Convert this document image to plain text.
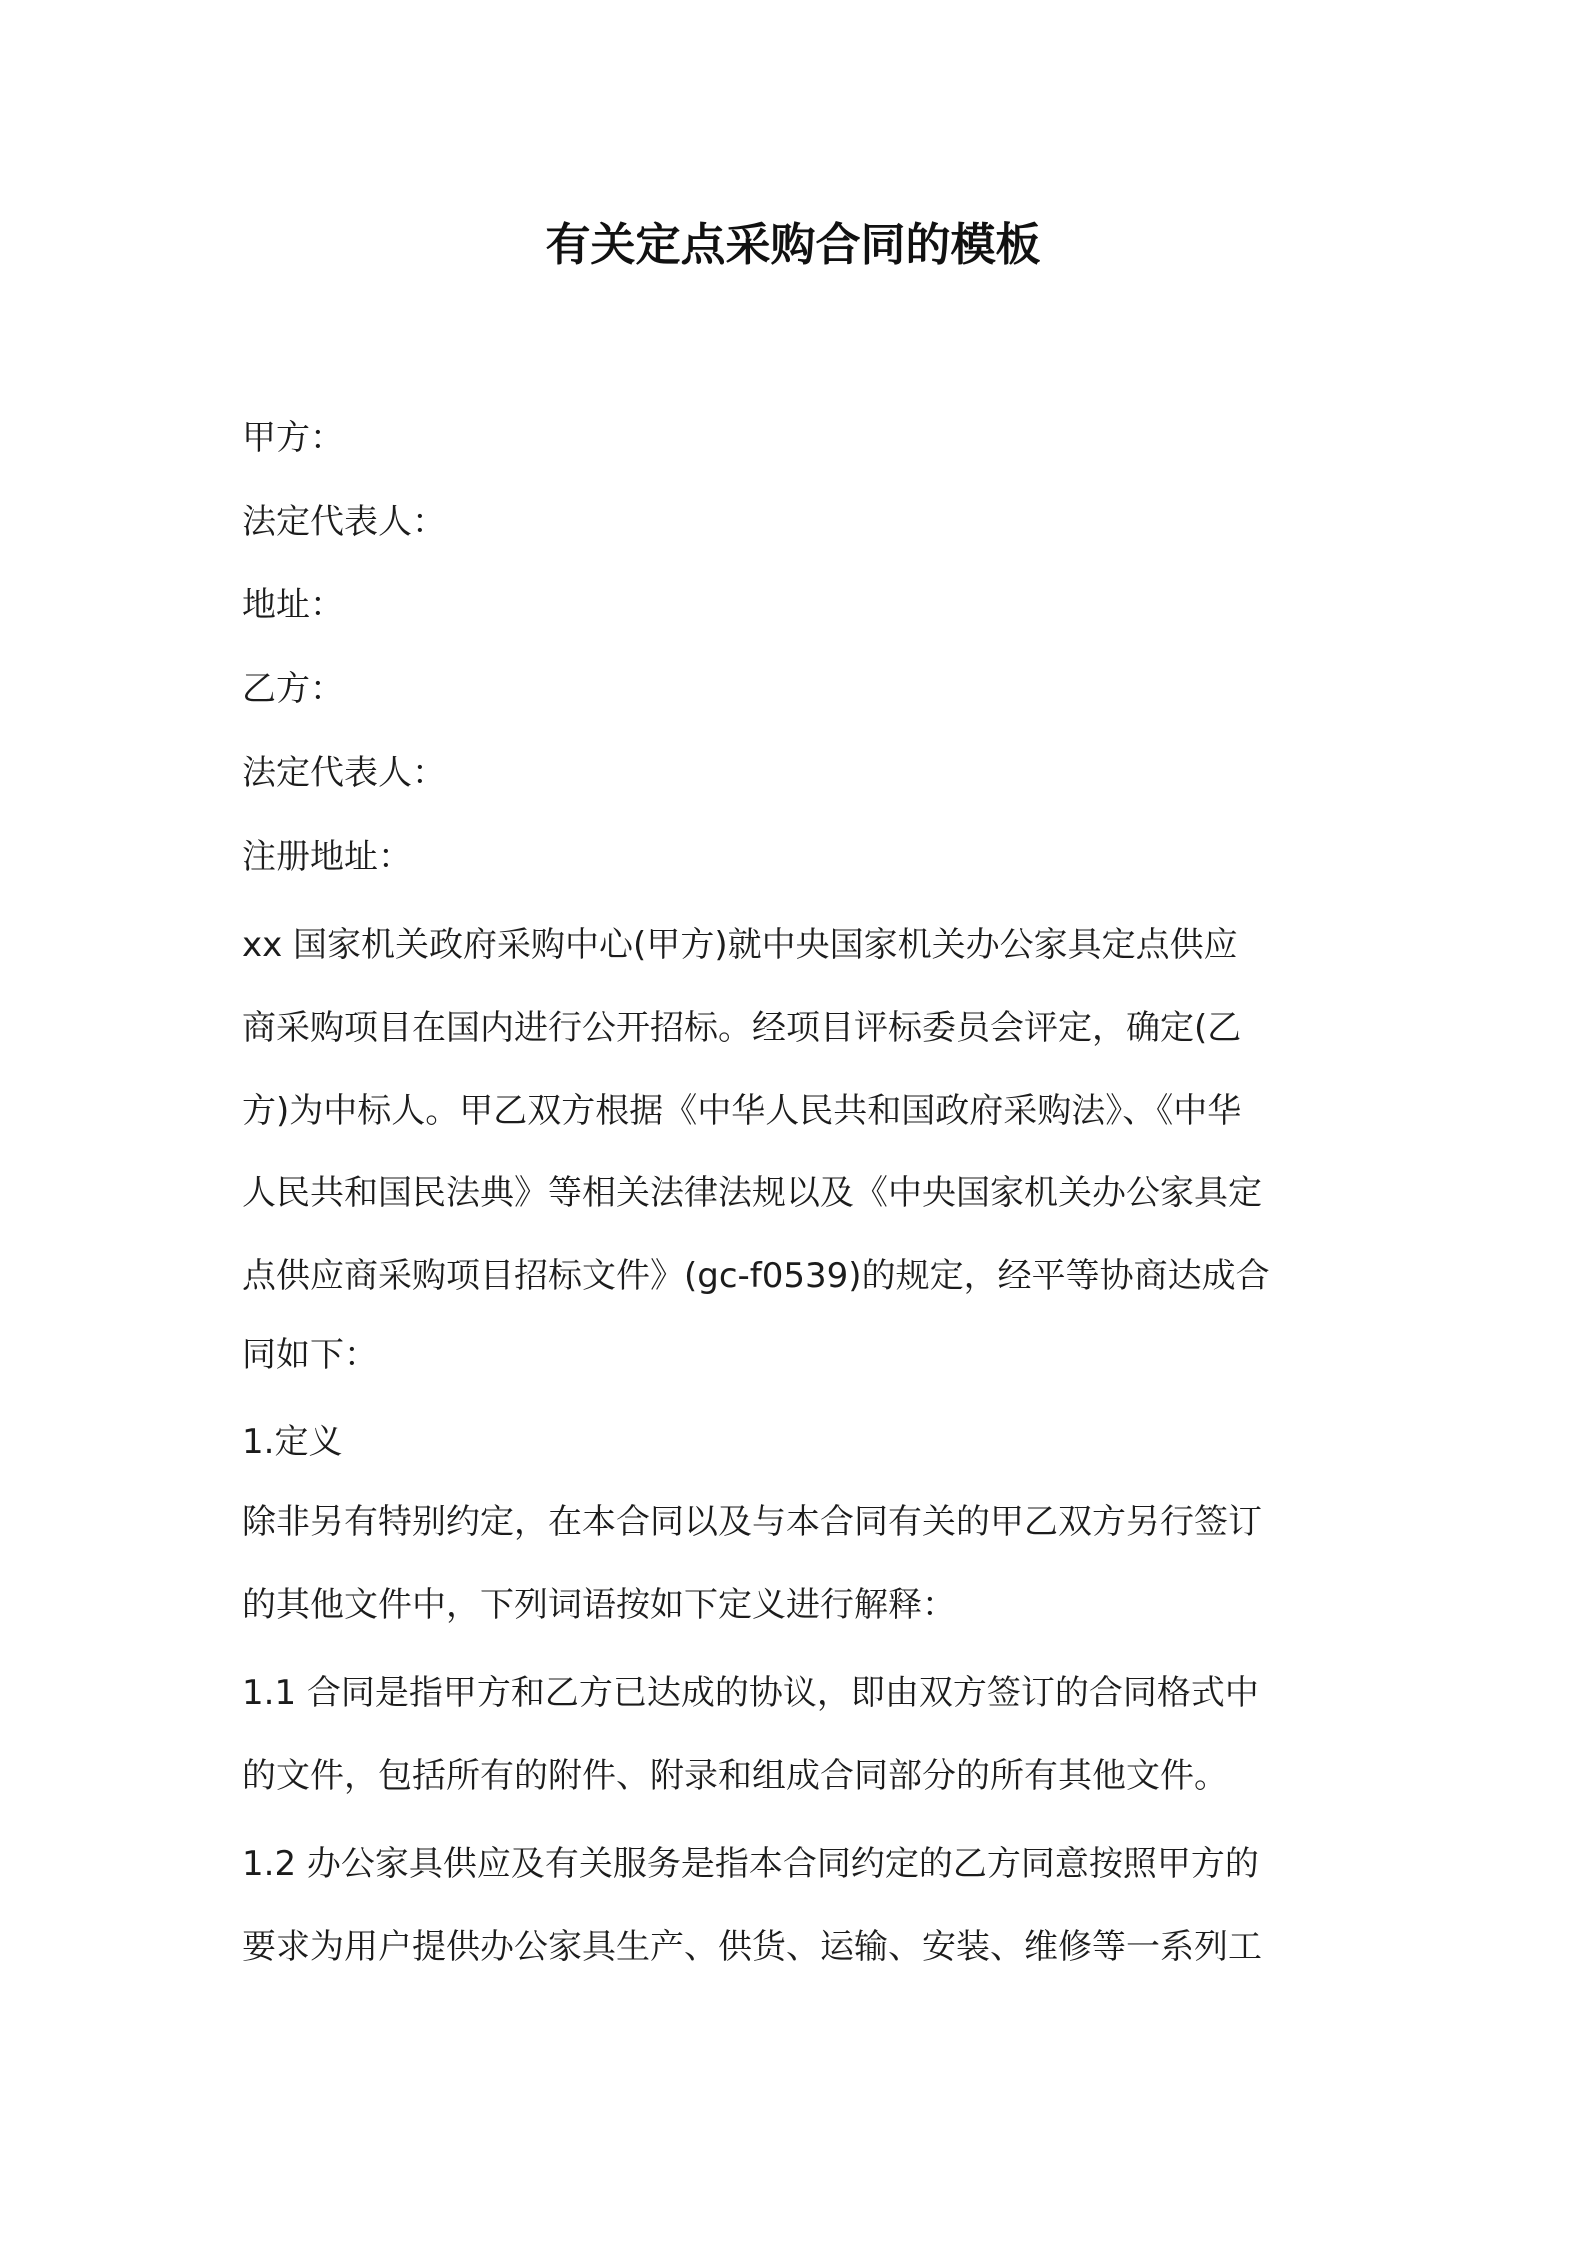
有关定点采购合同的模板
甲方：
法定代表人：
地址：
乙方：
法定代表人：
注册地址：
xx 国家机关政府采购中心(甲方)就中央国家机关办公家具定点供应
商采购项目在国内进行公开招标。经项目评标委员会评定，确定(乙
方)为中标人。甲乙双方根据《中华人民共和国政府采购法》、《中华
人民共和国民法典》等相关法律法规以及《中央国家机关办公家具定
点供应商采购项目招标文件》(gc-f0539)的规定，经平等协商达成合
同如下：
1.定义
除非另有特别约定，在本合同以及与本合同有关的甲乙双方另行签订
的其他文件中，下列词语按如下定义进行解释：
1.1 合同是指甲方和乙方已达成的协议，即由双方签订的合同格式中
的文件，包括所有的附件、附录和组成合同部分的所有其他文件。
1.2 办公家具供应及有关服务是指本合同约定的乙方同意按照甲方的
要求为用户提供办公家具生产、供货、运输、安装、维修等一系列工
